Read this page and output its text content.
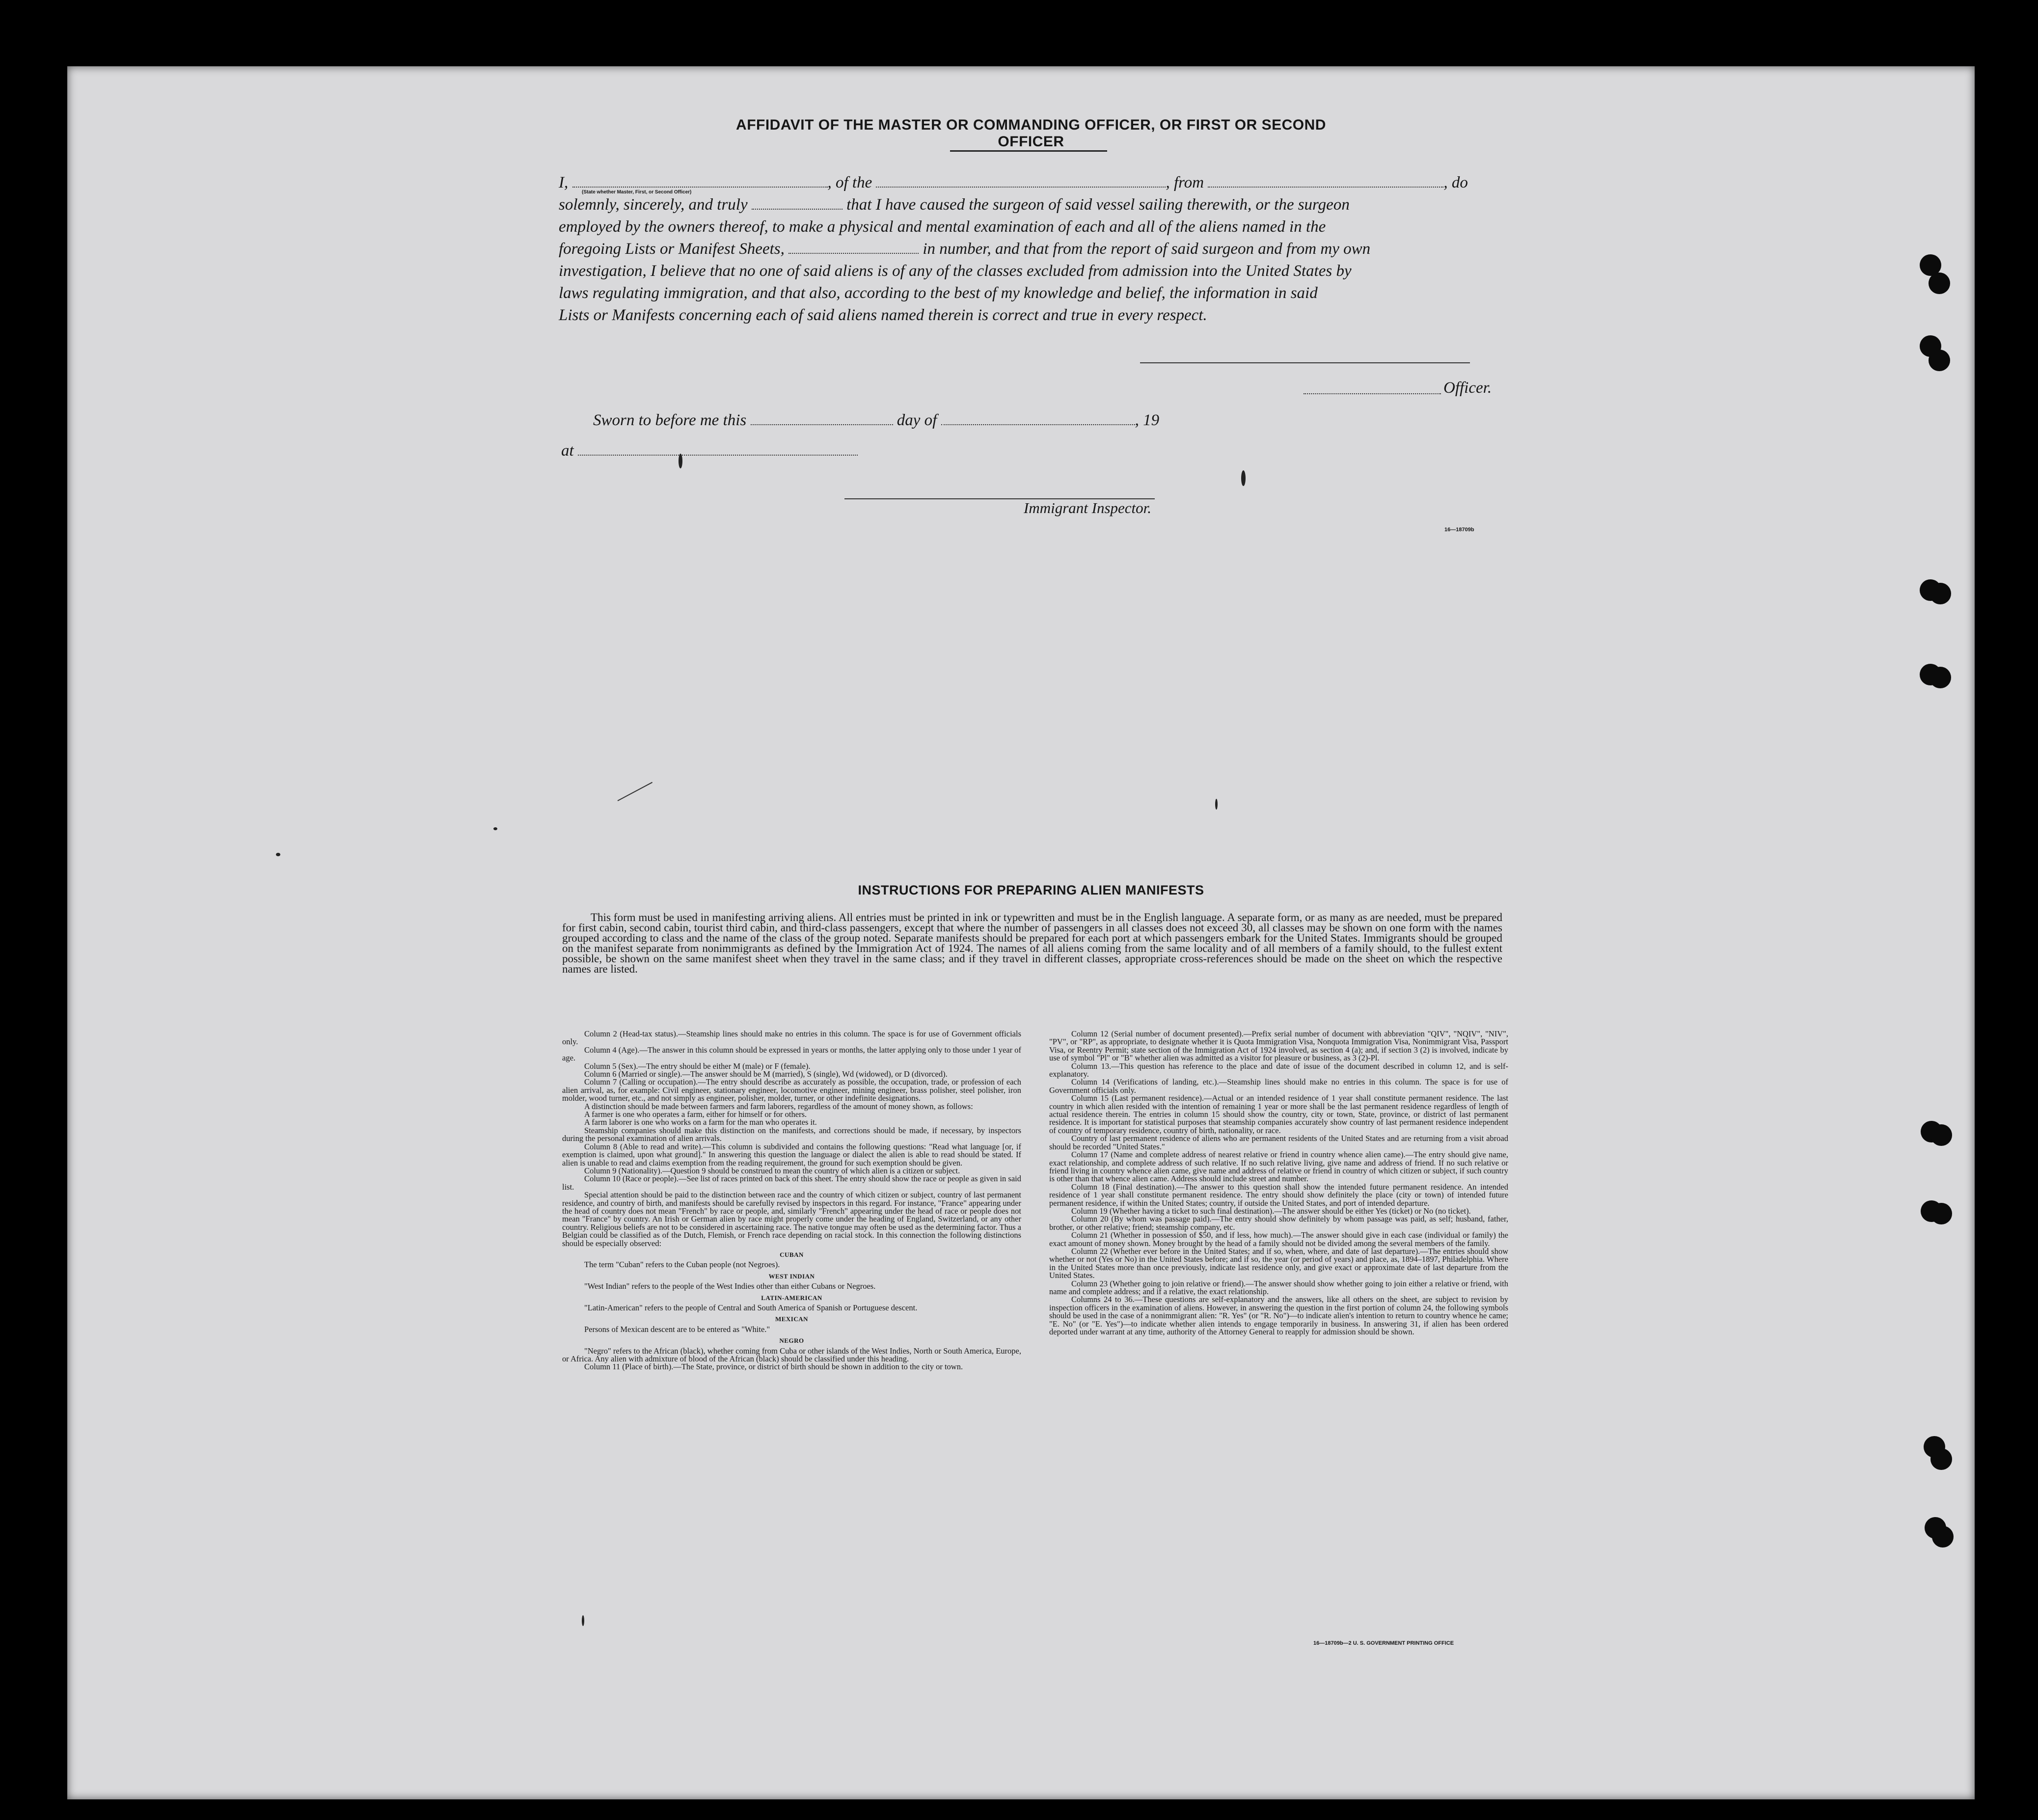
AFFIDAVIT OF THE MASTER OR COMMANDING OFFICER, OR FIRST OR SECOND OFFICER

I,	, of the	, from	, do

solemnly, sincerely, and truly	that I have caused the surgeon of said vessel sailing therewith, or the surgeon

employed by the owners thereof, to make a physical and mental examination of each and all of the aliens named in the

foregoing Lists or Manifest Sheets,	in number, and that from the report of said surgeon and from my own

investigation, I believe that no one of said aliens is of any of the classes excluded from admission into the United States by

laws regulating immigration, and that also, according to the best of my knowledge and belief, the information in said

Lists or Manifests concerning each of said aliens named therein is correct and true in every respect.

(State whether Master, First, or Second Officer)
Officer.
Sworn to before me this	day of	, 19
at
Immigrant Inspector.
16—18709b
INSTRUCTIONS FOR PREPARING ALIEN MANIFESTS

This form must be used in manifesting arriving aliens. All entries must be printed in ink or typewritten and must be in the English language. A separate form, or as many as are needed, must be prepared for first cabin, second cabin, tourist third cabin, and third-class passengers, except that where the number of passengers in all classes does not exceed 30, all classes may be shown on one form with the names grouped according to class and the name of the class of the group noted. Separate manifests should be prepared for each port at which passengers embark for the United States. Immigrants should be grouped on the manifest separate from nonimmigrants as defined by the Immigration Act of 1924. The names of all aliens coming from the same locality and of all members of a family should, to the fullest extent possible, be shown on the same manifest sheet when they travel in the same class; and if they travel in different classes, appropriate cross-references should be made on the sheet on which the respective names are listed.

Column 2 (Head-tax status).—Steamship lines should make no entries in this column. The space is for use of Government officials only.

Column 4 (Age).—The answer in this column should be expressed in years or months, the latter applying only to those under 1 year of age.

Column 5 (Sex).—The entry should be either M (male) or F (female).

Column 6 (Married or single).—The answer should be M (married), S (single), Wd (widowed), or D (divorced).

Column 7 (Calling or occupation).—The entry should describe as accurately as possible, the occupation, trade, or profession of each alien arrival, as, for example: Civil engineer, stationary engineer, locomotive engineer, mining engineer, brass polisher, steel polisher, iron molder, wood turner, etc., and not simply as engineer, polisher, molder, turner, or other indefinite designations.

A distinction should be made between farmers and farm laborers, regardless of the amount of money shown, as follows:

A farmer is one who operates a farm, either for himself or for others.

A farm laborer is one who works on a farm for the man who operates it.

Steamship companies should make this distinction on the manifests, and corrections should be made, if necessary, by inspectors during the personal examination of alien arrivals.

Column 8 (Able to read and write).—This column is subdivided and contains the following questions: "Read what language [or, if exemption is claimed, upon what ground]." In answering this question the language or dialect the alien is able to read should be stated. If alien is unable to read and claims exemption from the reading requirement, the ground for such exemption should be given.

Column 9 (Nationality).—Question 9 should be construed to mean the country of which alien is a citizen or subject.

Column 10 (Race or people).—See list of races printed on back of this sheet. The entry should show the race or people as given in said list.

Special attention should be paid to the distinction between race and the country of which citizen or subject, country of last permanent residence, and country of birth, and manifests should be carefully revised by inspectors in this regard. For instance, "France" appearing under the head of country does not mean "French" by race or people, and, similarly "French" appearing under the head of race or people does not mean "France" by country. An Irish or German alien by race might properly come under the heading of England, Switzerland, or any other country. Religious beliefs are not to be considered in ascertaining race. The native tongue may often be used as the determining factor. Thus a Belgian could be classified as of the Dutch, Flemish, or French race depending on racial stock. In this connection the following distinctions should be especially observed:

CUBAN

The term "Cuban" refers to the Cuban people (not Negroes).

WEST INDIAN

"West Indian" refers to the people of the West Indies other than either Cubans or Negroes.

LATIN-AMERICAN

"Latin-American" refers to the people of Central and South America of Spanish or Portuguese descent.

MEXICAN

Persons of Mexican descent are to be entered as "White."

NEGRO

"Negro" refers to the African (black), whether coming from Cuba or other islands of the West Indies, North or South America, Europe, or Africa. Any alien with admixture of blood of the African (black) should be classified under this heading.

Column 11 (Place of birth).—The State, province, or district of birth should be shown in addition to the city or town.

Column 12 (Serial number of document presented).—Prefix serial number of document with abbreviation "QIV", "NQIV", "NIV", "PV", or "RP", as appropriate, to designate whether it is Quota Immigration Visa, Nonquota Immigration Visa, Nonimmigrant Visa, Passport Visa, or Reentry Permit; state section of the Immigration Act of 1924 involved, as section 4 (a); and, if section 3 (2) is involved, indicate by use of symbol "Pl" or "B" whether alien was admitted as a visitor for pleasure or business, as 3 (2)-Pl.

Column 13.—This question has reference to the place and date of issue of the document described in column 12, and is self-explanatory.

Column 14 (Verifications of landing, etc.).—Steamship lines should make no entries in this column. The space is for use of Government officials only.

Column 15 (Last permanent residence).—Actual or an intended residence of 1 year shall constitute permanent residence. The last country in which alien resided with the intention of remaining 1 year or more shall be the last permanent residence regardless of length of actual residence therein. The entries in column 15 should show the country, city or town, State, province, or district of last permanent residence. It is important for statistical purposes that steamship companies accurately show country of last permanent residence independent of country of temporary residence, country of birth, nationality, or race.

Country of last permanent residence of aliens who are permanent residents of the United States and are returning from a visit abroad should be recorded "United States."

Column 17 (Name and complete address of nearest relative or friend in country whence alien came).—The entry should give name, exact relationship, and complete address of such relative. If no such relative living, give name and address of friend. If no such relative or friend living in country whence alien came, give name and address of relative or friend in country of which citizen or subject, if such country is other than that whence alien came. Address should include street and number.

Column 18 (Final destination).—The answer to this question shall show the intended future permanent residence. An intended residence of 1 year shall constitute permanent residence. The entry should show definitely the place (city or town) of intended future permanent residence, if within the United States; country, if outside the United States, and port of intended departure.

Column 19 (Whether having a ticket to such final destination).—The answer should be either Yes (ticket) or No (no ticket).

Column 20 (By whom was passage paid).—The entry should show definitely by whom passage was paid, as self; husband, father, brother, or other relative; friend; steamship company, etc.

Column 21 (Whether in possession of $50, and if less, how much).—The answer should give in each case (individual or family) the exact amount of money shown. Money brought by the head of a family should not be divided among the several members of the family.

Column 22 (Whether ever before in the United States; and if so, when, where, and date of last departure).—The entries should show whether or not (Yes or No) in the United States before; and if so, the year (or period of years) and place, as, 1894–1897, Philadelphia. Where in the United States more than once previously, indicate last residence only, and give exact or approximate date of last departure from the United States.

Column 23 (Whether going to join relative or friend).—The answer should show whether going to join either a relative or friend, with name and complete address; and if a relative, the exact relationship.

Columns 24 to 36.—These questions are self-explanatory and the answers, like all others on the sheet, are subject to revision by inspection officers in the examination of aliens. However, in answering the question in the first portion of column 24, the following symbols should be used in the case of a nonimmigrant alien: "R. Yes" (or "R. No")—to indicate alien's intention to return to country whence he came; "E. No" (or "E. Yes")—to indicate whether alien intends to engage temporarily in business. In answering 31, if alien has been ordered deported under warrant at any time, authority of the Attorney General to reapply for admission should be shown.

16—18709b—2 U. S. GOVERNMENT PRINTING OFFICE
